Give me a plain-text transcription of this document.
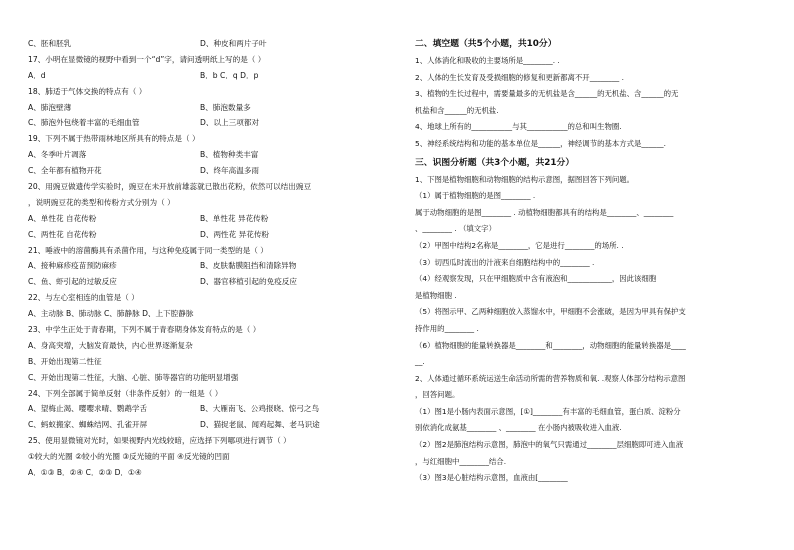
C、胚和胚乳	D、种皮和两片子叶
17、小明在显微镜的视野中看到一个“d”字，请问透明纸上写的是（ ）
A．d	B．b C．q D．p
18、肺适于气体交换的特点有（ ）
A、肺泡壁薄	B、肺泡数量多
C、肺泡外包绕着丰富的毛细血管	D、以上三项都对
19、下列不属于热带雨林地区所具有的特点是（ ）
A、冬季叶片凋落	B、植物种类丰富
C、全年都有植物开花	D、终年高温多雨
20、用豌豆做遗传学实验时，豌豆在未开放前雄蕊就已散出花粉，依然可以结出豌豆
，说明豌豆花的类型和传粉方式分别为（ ）
A、单性花 自花传粉	B、单性花 异花传粉
C、两性花 自花传粉	D、两性花 异花传粉
21、唾液中的溶菌酶具有杀菌作用，与这种免疫属于同一类型的是（ ）
A、接种麻疹疫苗预防麻疹	B、皮肤黏膜阻挡和清除异物
C、鱼、虾引起的过敏反应	D、器官移植引起的免疫反应
22、与左心室相连的血管是（ ）
A、主动脉 B、肺动脉 C、肺静脉 D、上下腔静脉
23、中学生正处于青春期，下列不属于青春期身体发育特点的是（ ）
A、身高突增，大脑发育最快，内心世界逐渐复杂
B、开始出现第二性征
C、开始出现第二性征，大脑、心脏、肺等器官的功能明显增强
24、下列全部属于简单反射（非条件反射）的一组是（ ）
A、望梅止渴、嘤嘤求晴、鹦鹉学舌	B、大雁南飞、公鸡报晓、惊弓之鸟
C、蚂蚁搬家、蜘蛛结网、孔雀开屏	D、猫捉老鼠、闻鸡起舞、老马识途
25、使用显微镜对光时，如果视野内光线较暗，应选择下列哪项进行调节（ ）
①较大的光圈 ②较小的光圈 ③反光镜的平面 ④反光镜的凹面
A．①③ B．②④ C．②③ D．①④
二、填空题（共5个小题，共10分）
1、人体消化和吸收的主要场所是________. .
2、人体的生长发育及受损细胞的修复和更新都离不开________ .
3、植物的生长过程中，需要量最多的无机盐是含______的无机盐、含______的无
机盐和含______的无机盐.
4、地球上所有的___________与其___________的总和叫生物圈.
5、神经系统结构和功能的基本单位是______，神经调节的基本方式是______.
三、识图分析题（共3个小题，共21分）
1、下图是植物细胞和动物细胞的结构示意图，据图回答下列问题。
（1）属于植物细胞的是图________ .
属于动物细胞的是图________ . 动植物细胞都具有的结构是________、________
、________ . （填文字）
（2）甲图中结构2名称是________，它是进行________的场所. .
（3）切西瓜时流出的汁液来自细胞结构中的________ .
（4）经观察发现，只在甲细胞质中含有液泡和____________，因此该细胞
是植物细胞 .
（5）将图示甲、乙两种细胞放入蒸馏水中，甲细胞不会涨破，是因为甲具有保护支
持作用的________ .
（6）植物细胞的能量转换器是________和________，动物细胞的能量转换器是____
__.
2、人体通过循环系统运送生命活动所需的营养物质和氧. .观察人体部分结构示意图
，回答问题。
（1）图1是小肠内表面示意图，[①]________有丰富的毛细血管，蛋白质、淀粉分
别依消化成氨基________ 、________ 在小肠内被吸收进入血液.
（2）图2是肺泡结构示意图，肺泡中的氧气只需通过________层细胞即可进入血液
，与红细胞中________结合.
（3）图3是心脏结构示意图，血液由[________
